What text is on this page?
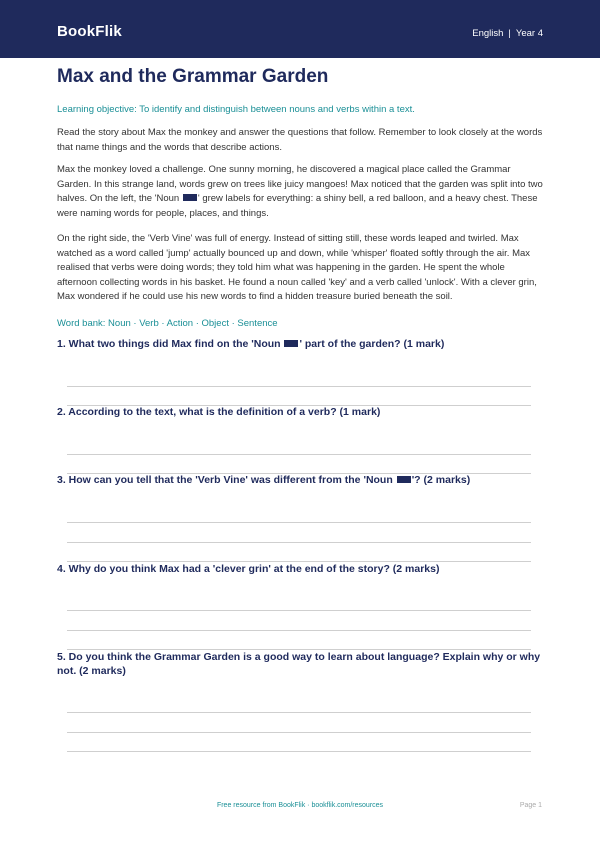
BookFlik	English | Year 4
Max and the Grammar Garden
Learning objective: To identify and distinguish between nouns and verbs within a text.

Read the story about Max the monkey and answer the questions that follow. Remember to look closely at the words that name things and the words that describe actions.

Max the monkey loved a challenge. One sunny morning, he discovered a magical place called the Grammar Garden. In this strange land, words grew on trees like juicy mangoes! Max noticed that the garden was split into two halves. On the left, the 'Noun ' grew labels for everything: a shiny bell, a red balloon, and a heavy chest. These were naming words for people, places, and things.

On the right side, the 'Verb Vine' was full of energy. Instead of sitting still, these words leaped and twirled. Max watched as a word called 'jump' actually bounced up and down, while 'whisper' floated softly through the air. Max realised that verbs were doing words; they told him what was happening in the garden. He spent the whole afternoon collecting words in his basket. He found a noun called 'key' and a verb called 'unlock'. With a clever grin, Max wondered if he could use his new words to find a hidden treasure buried beneath the soil.

Word bank: Noun · Verb · Action · Object · Sentence
1. What two things did Max find on the 'Noun ' part of the garden? (1 mark)
2. According to the text, what is the definition of a verb? (1 mark)
3. How can you tell that the 'Verb Vine' was different from the 'Noun '? (2 marks)
4. Why do you think Max had a 'clever grin' at the end of the story? (2 marks)
5. Do you think the Grammar Garden is a good way to learn about language? Explain why or why not. (2 marks)
Free resource from BookFlik · bookflik.com/resources	Page 1
